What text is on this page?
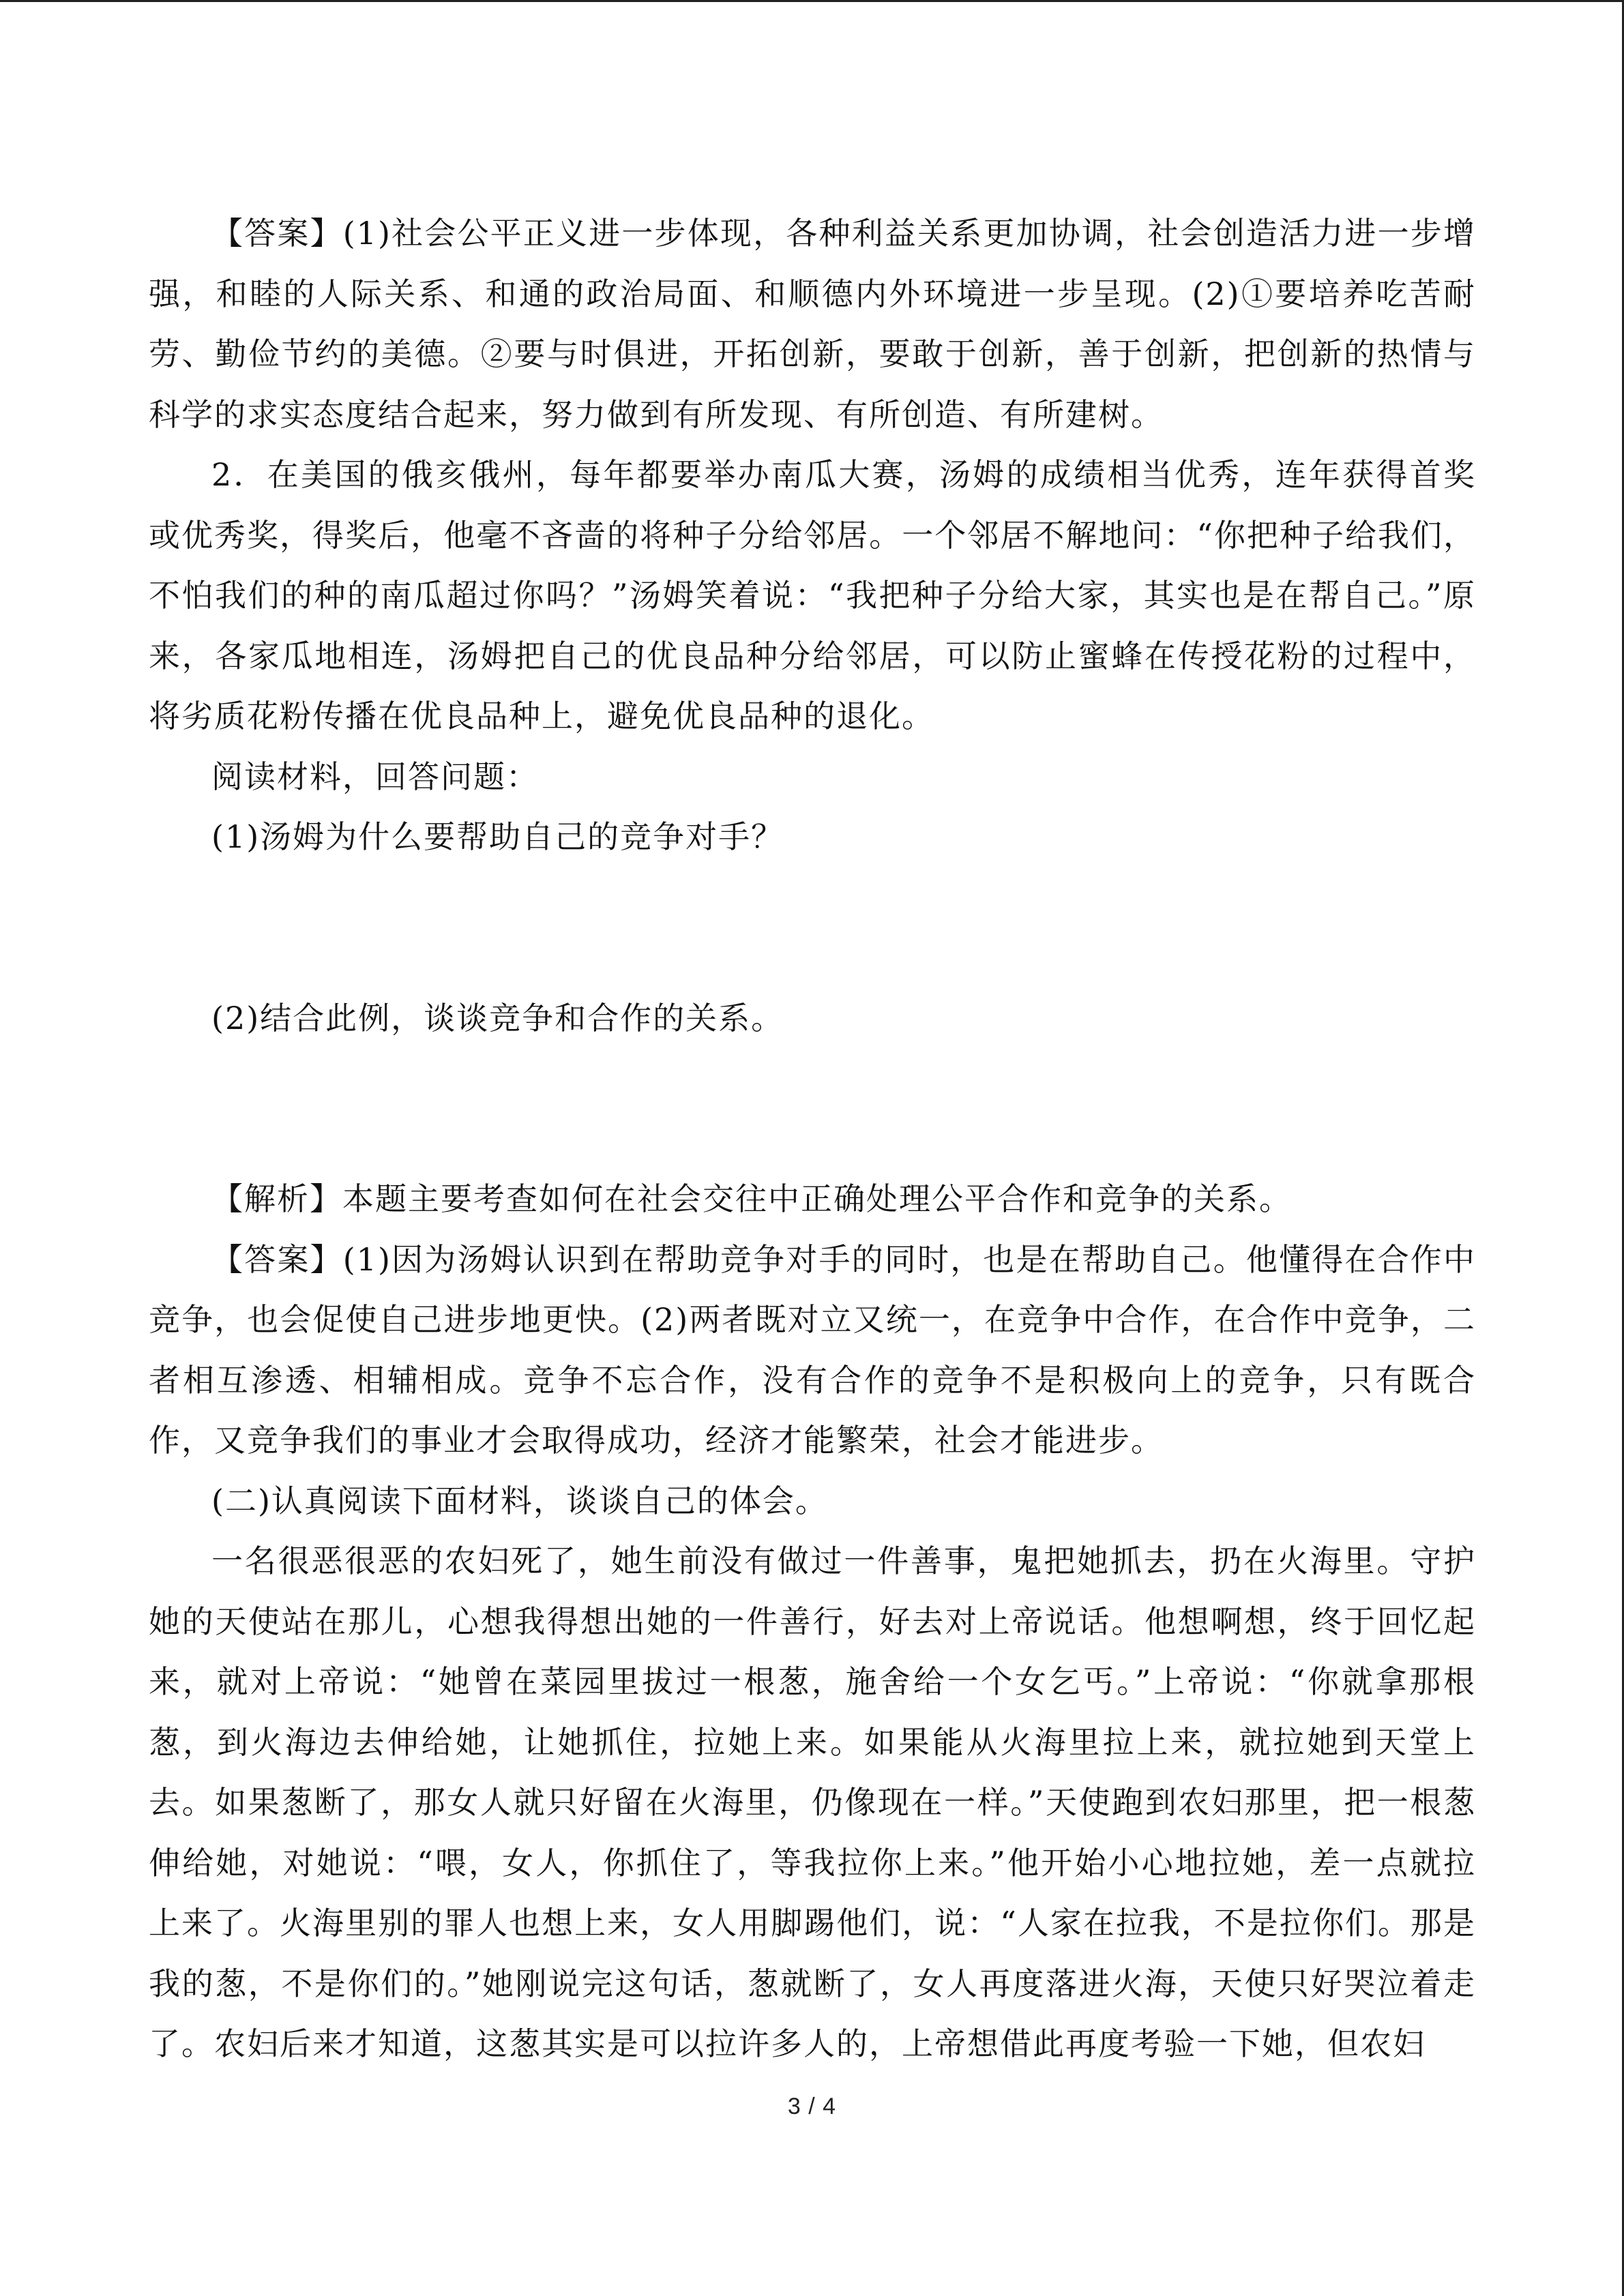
【答案】(1)社会公平正义进一步体现，各种利益关系更加协调，社会创造活力进一步增强，和睦的人际关系、和通的政治局面、和顺德内外环境进一步呈现。(2)①要培养吃苦耐劳、勤俭节约的美德。②要与时俱进，开拓创新，要敢于创新，善于创新，把创新的热情与科学的求实态度结合起来，努力做到有所发现、有所创造、有所建树。

2．在美国的俄亥俄州，每年都要举办南瓜大赛，汤姆的成绩相当优秀，连年获得首奖或优秀奖，得奖后，他毫不吝啬的将种子分给邻居。一个邻居不解地问：“你把种子给我们，不怕我们的种的南瓜超过你吗？”汤姆笑着说：“我把种子分给大家，其实也是在帮自己。”原来，各家瓜地相连，汤姆把自己的优良品种分给邻居，可以防止蜜蜂在传授花粉的过程中，将劣质花粉传播在优良品种上，避免优良品种的退化。

阅读材料，回答问题：

(1)汤姆为什么要帮助自己的竞争对手？

(2)结合此例，谈谈竞争和合作的关系。

【解析】本题主要考查如何在社会交往中正确处理公平合作和竞争的关系。

【答案】(1)因为汤姆认识到在帮助竞争对手的同时，也是在帮助自己。他懂得在合作中竞争，也会促使自己进步地更快。(2)两者既对立又统一，在竞争中合作，在合作中竞争，二者相互渗透、相辅相成。竞争不忘合作，没有合作的竞争不是积极向上的竞争，只有既合作，又竞争我们的事业才会取得成功，经济才能繁荣，社会才能进步。

(二)认真阅读下面材料，谈谈自己的体会。

一名很恶很恶的农妇死了，她生前没有做过一件善事，鬼把她抓去，扔在火海里。守护她的天使站在那儿，心想我得想出她的一件善行，好去对上帝说话。他想啊想，终于回忆起来，就对上帝说：“她曾在菜园里拔过一根葱，施舍给一个女乞丐。”上帝说：“你就拿那根葱，到火海边去伸给她，让她抓住，拉她上来。如果能从火海里拉上来，就拉她到天堂上去。如果葱断了，那女人就只好留在火海里，仍像现在一样。”天使跑到农妇那里，把一根葱伸给她，对她说：“喂，女人，你抓住了，等我拉你上来。”他开始小心地拉她，差一点就拉上来了。火海里别的罪人也想上来，女人用脚踢他们，说：“人家在拉我，不是拉你们。那是我的葱，不是你们的。”她刚说完这句话，葱就断了，女人再度落进火海，天使只好哭泣着走了。农妇后来才知道，这葱其实是可以拉许多人的，上帝想借此再度考验一下她，但农妇

3 / 4
